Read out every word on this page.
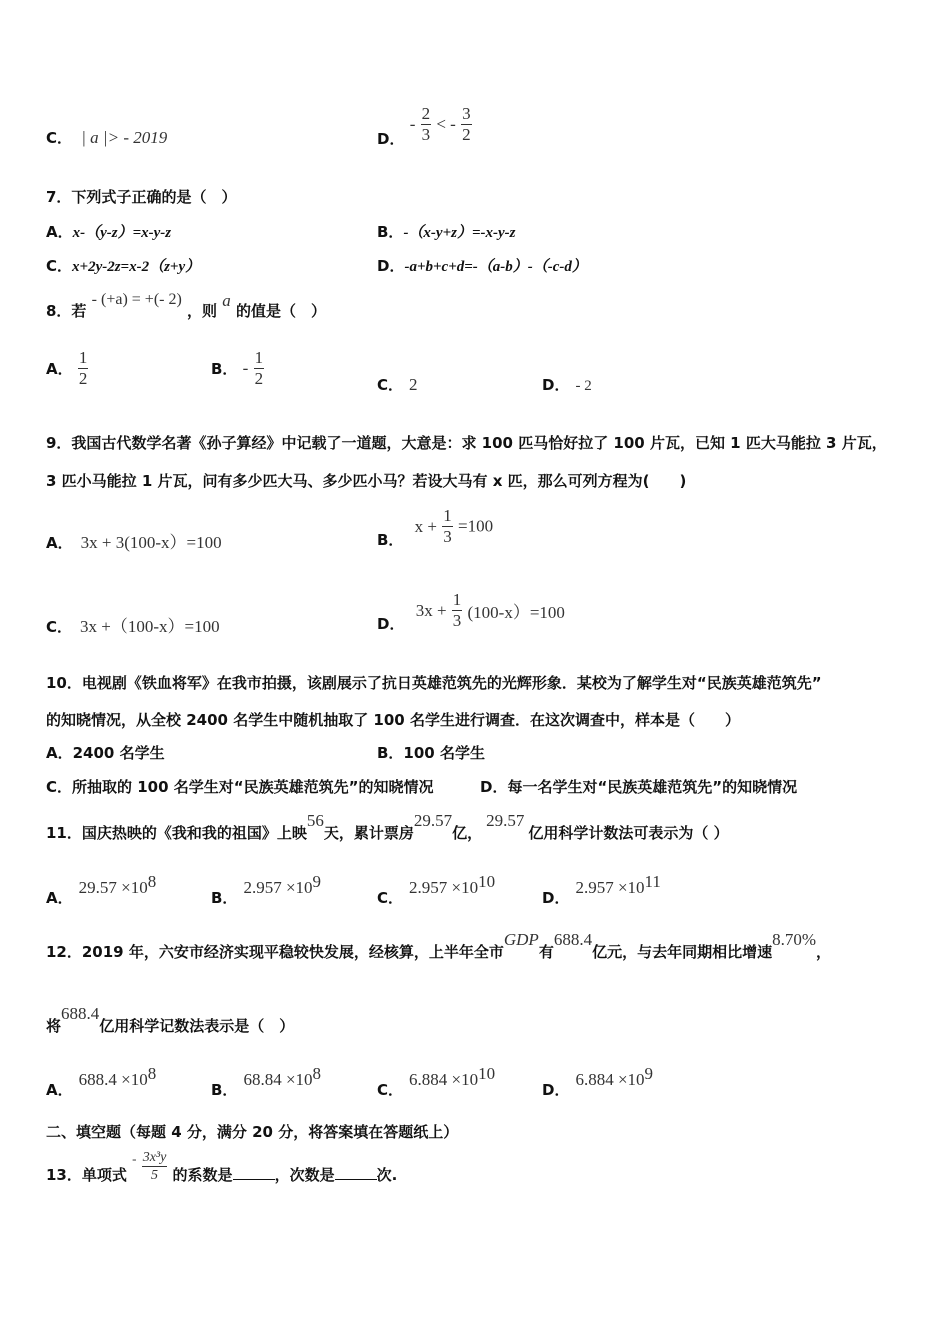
C． | a |> - 2019	D． - $\frac{2}{3}$ < - $\frac{3}{2}$
7．下列式子正确的是（　）
A．x-（y-z）=x-y-z	B．-（x-y+z）=-x-y-z
C．x+2y-2z=x-2（z+y）	D．-a+b+c+d=-（a-b）-（-c-d）
8．若 - (+a) = +(- 2) ，则 a 的值是（　）
A． $\frac{1}{2}$	B． - $\frac{1}{2}$	C． 2	D． - 2
9．我国古代数学名著《孙子算经》中记载了一道题，大意是：求 100 匹马恰好拉了 100 片瓦，已知 1 匹大马能拉 3 片瓦，
3 匹小马能拉 1 片瓦，问有多少匹大马、多少匹小马？若设大马有 x 匹，那么可列方程为(　　)
A． 3x + 3(100-x）=100	B． $x + \frac{1}{3} =100$
C． 3x +（100-x）=100	D． $3x + \frac{1}{3} (100-x)=100$
10．电视剧《铁血将军》在我市拍摄，该剧展示了抗日英雄范筑先的光辉形象．某校为了解学生对“民族英雄范筑先”
的知晓情况，从全校 2400 名学生中随机抽取了 100 名学生进行调查．在这次调查中，样本是（　　）
A．2400 名学生	B．100 名学生
C．所抽取的 100 名学生对“民族英雄范筑先”的知晓情况	D．每一名学生对“民族英雄范筑先”的知晓情况
11．国庆热映的《我和我的祖国》上映56天，累计票房29.57亿，29.57亿用科学计数法可表示为（ ）
A．$29.57 \times 10^8$
B．$2.957 \times 10^9$
C．$2.957 \times 10^{10}$
D．$2.957 \times 10^{11}$
12．2019 年，六安市经济实现平稳较快发展，经核算，上半年全市GDP有688.4亿元，与去年同期相比增速8.70%，
将688.4亿用科学记数法表示是（　）
A．$688.4 \times 10^8$
B．$68.84 \times 10^8$
C．$6.884 \times 10^{10}$
D．$6.884 \times 10^9$
二、填空题（每题 4 分，满分 20 分，将答案填在答题纸上）
13．单项式 - $\frac{\text{3x³y}}{5}$ 的系数是	，次数是	次.
